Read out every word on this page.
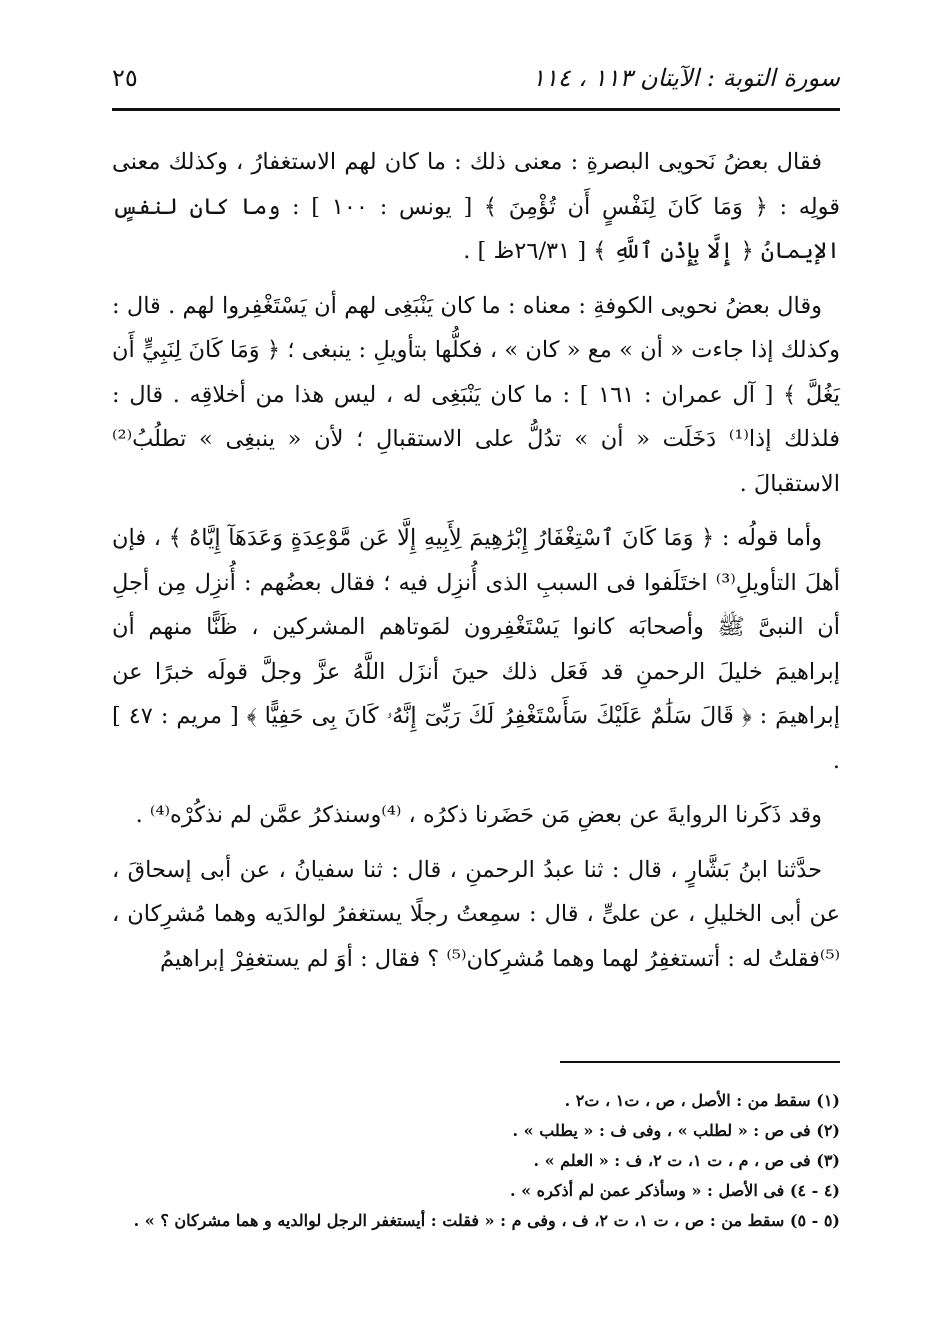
٢٥	سورة التوبة : الآيتان ١١٣ ، ١١٤

فقال بعضُ نَحويى البصرةِ : معنى ذلك : ما كان لهم الاستغفارُ ، وكذلك معنى قولِه : ﴿ وَمَا كَانَ لِنَفْسٍ أَن تُؤْمِنَ ﴾ [ يونس : ١٠٠ ] : وما كان لنفسٍ الإيمانُ ﴿ إِلَّا بِإِذْنِ ٱللَّهِ ﴾ [ ٢٦/٣١ظ ] .

وقال بعضُ نحويى الكوفةِ : معناه : ما كان يَنْبَغِى لهم أن يَسْتَغْفِروا لهم . قال : وكذلك إذا جاءت « أن » مع « كان » ، فكلُّها بتأويلِ : ينبغى ؛ ﴿ وَمَا كَانَ لِنَبِيٍّ أَن يَغُلَّ ﴾ [ آل عمران : ١٦١ ] : ما كان يَنْبَغِى له ، ليس هذا من أخلاقِه . قال : فلذلك إذا⁽¹⁾ دَخَلَت « أن » تدُلُّ على الاستقبالِ ؛ لأن « ينبغِى » تطلُبُ⁽²⁾ الاستقبالَ .

وأما قولُه : ﴿ وَمَا كَانَ ٱسْتِغْفَارُ إِبْرَٰهِيمَ لِأَبِيهِ إِلَّا عَن مَّوْعِدَةٍ وَعَدَهَآ إِيَّاهُ ﴾ ، فإن أهلَ التأويلِ⁽³⁾ اختَلَفوا فى السببِ الذى أُنزِل فيه ؛ فقال بعضُهم : أُنزِل مِن أجلِ أن النبىَّ ﷺ وأصحابَه كانوا يَسْتَغْفِرون لمَوتاهم المشركين ، ظَنًّا منهم أن إبراهيمَ خليلَ الرحمنِ قد فَعَل ذلك حينَ أنزَل اللَّهُ عزَّ وجلَّ قولَه خبرًا عن إبراهيمَ : ﴿ قَالَ سَلَٰمٌ عَلَيْكَ سَأَسْتَغْفِرُ لَكَ رَبِّىٓ إِنَّهُۥ كَانَ بِى حَفِيًّا ﴾ [ مريم : ٤٧ ] .

وقد ذَكَرنا الروايةَ عن بعضِ مَن حَضَرنا ذكرُه ، ⁽⁴⁾وسنذكرُ عمَّن لم نذكُرْه⁽⁴⁾ .

حدَّثنا ابنُ بَشَّارٍ ، قال : ثنا عبدُ الرحمنِ ، قال : ثنا سفيانُ ، عن أبى إسحاقَ ، عن أبى الخليلِ ، عن علىٍّ ، قال : سمِعتُ رجلًا يستغفرُ لوالدَيه وهما مُشرِكان ، ⁽⁵⁾فقلتُ له : أتستغفِرُ لهما وهما مُشرِكان⁽⁵⁾ ؟ فقال : أوَ لم يستغفِرْ إبراهيمُ

(١) سقط من : الأصل ، ص ، ت١ ، ت٢ .
(٢) فى ص : « لطلب » ، وفى ف : « يطلب » .
(٣) فى ص ، م ، ت ١، ت ٢، ف : « العلم » .
(٤ - ٤) فى الأصل : « وسأذكر عمن لم أذكره » .
(٥ - ٥) سقط من : ص ، ت ١، ت ٢، ف ، وفى م : « فقلت : أيستغفر الرجل لوالديه و هما مشركان ؟ » .
